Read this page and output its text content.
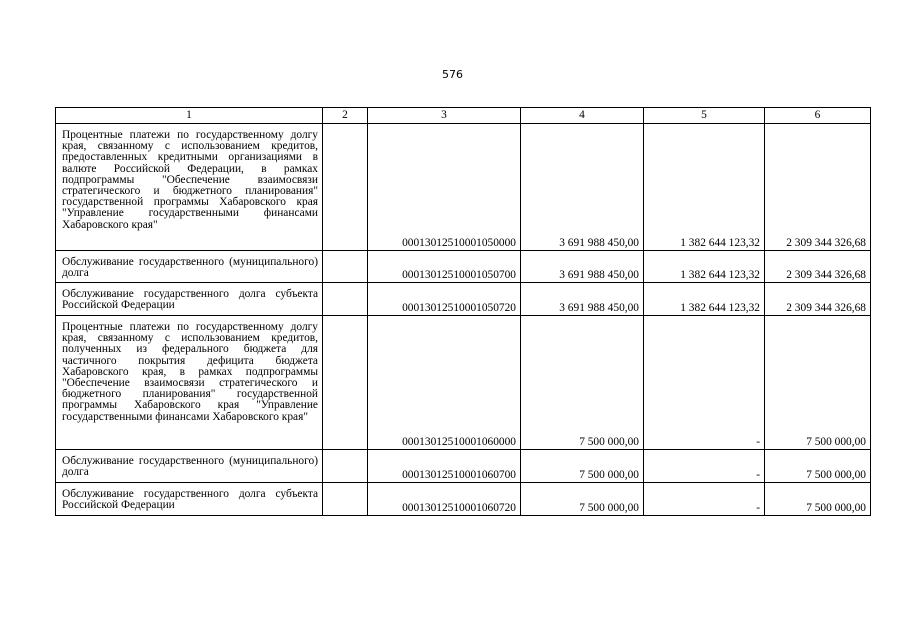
576
1	2	3	4	5	6
Процентные платежи по государственному долгу края, связанному с использованием кредитов, предоставленных кредитными организациями в валюте Российской Федерации, в рамках подпрограммы "Обеспечение взаимосвязи стратегического и бюджетного планирования" государственной программы Хабаровского края "Управление государственными финансами Хабаровского края"		00013012510001050000	3 691 988 450,00	1 382 644 123,32	2 309 344 326,68
Обслуживание государственного (муниципального) долга		00013012510001050700	3 691 988 450,00	1 382 644 123,32	2 309 344 326,68
Обслуживание государственного долга субъекта Российской Федерации		00013012510001050720	3 691 988 450,00	1 382 644 123,32	2 309 344 326,68
Процентные платежи по государственному долгу края, связанному с использованием кредитов, полученных из федерального бюджета для частичного покрытия дефицита бюджета Хабаровского края, в рамках подпрограммы "Обеспечение взаимосвязи стратегического и бюджетного планирования" государственной программы Хабаровского края "Управление государственными финансами Хабаровского края"		00013012510001060000	7 500 000,00	-	7 500 000,00
Обслуживание государственного (муниципального) долга		00013012510001060700	7 500 000,00	-	7 500 000,00
Обслуживание государственного долга субъекта Российской Федерации		00013012510001060720	7 500 000,00	-	7 500 000,00
